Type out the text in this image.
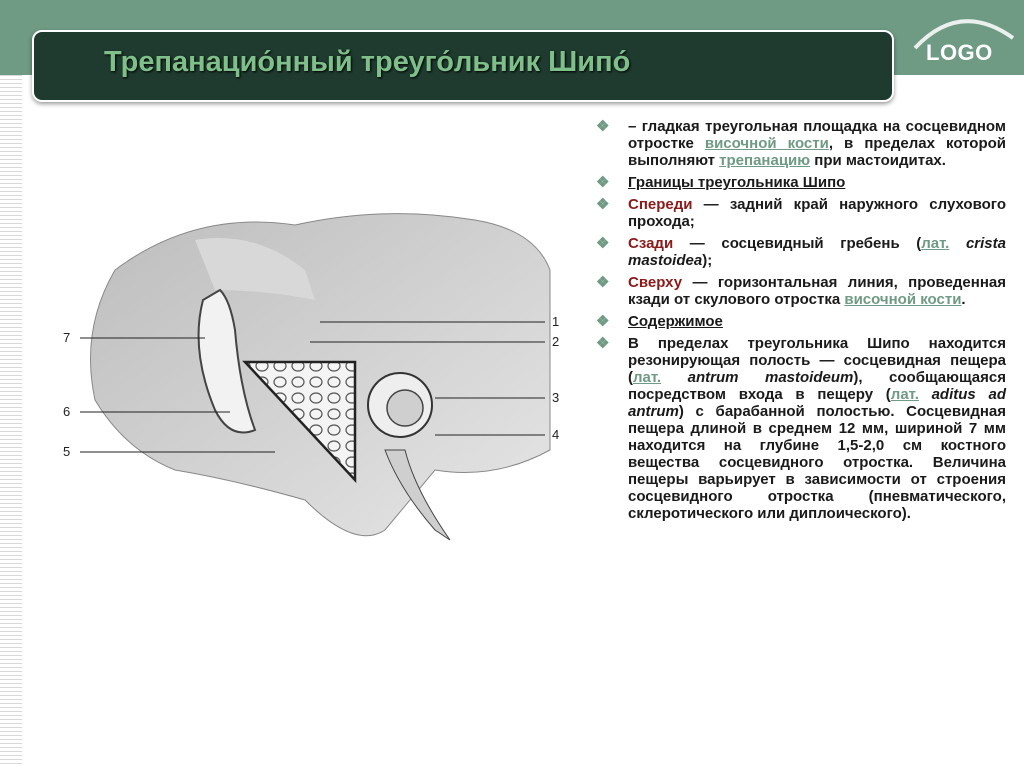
Трепанацио́нный треуго́льник Шипо́	LOGO
1
2
3
4
5
6
7
❖ – гладкая треугольная площадка на сосцевидном отростке височной кости, в пределах которой выполняют трепанацию при мастоидитах.
❖ Границы треугольника Шипо
❖ Спереди — задний край наружного слухового прохода;
❖ Сзади — сосцевидный гребень (лат. crista mastoidea);
❖ Сверху — горизонтальная линия, проведенная кзади от скулового отростка височной кости.
❖ Содержимое
❖ В пределах треугольника Шипо находится резонирующая полость — сосцевидная пещера (лат. antrum mastoideum), сообщающаяся посредством входа в пещеру (лат. aditus ad antrum) с барабанной полостью. Сосцевидная пещера длиной в среднем 12 мм, шириной 7 мм находится на глубине 1,5-2,0 см костного вещества сосцевидного отростка. Величина пещеры варьирует в зависимости от строения сосцевидного отростка (пневматического, склеротического или диплоического).
